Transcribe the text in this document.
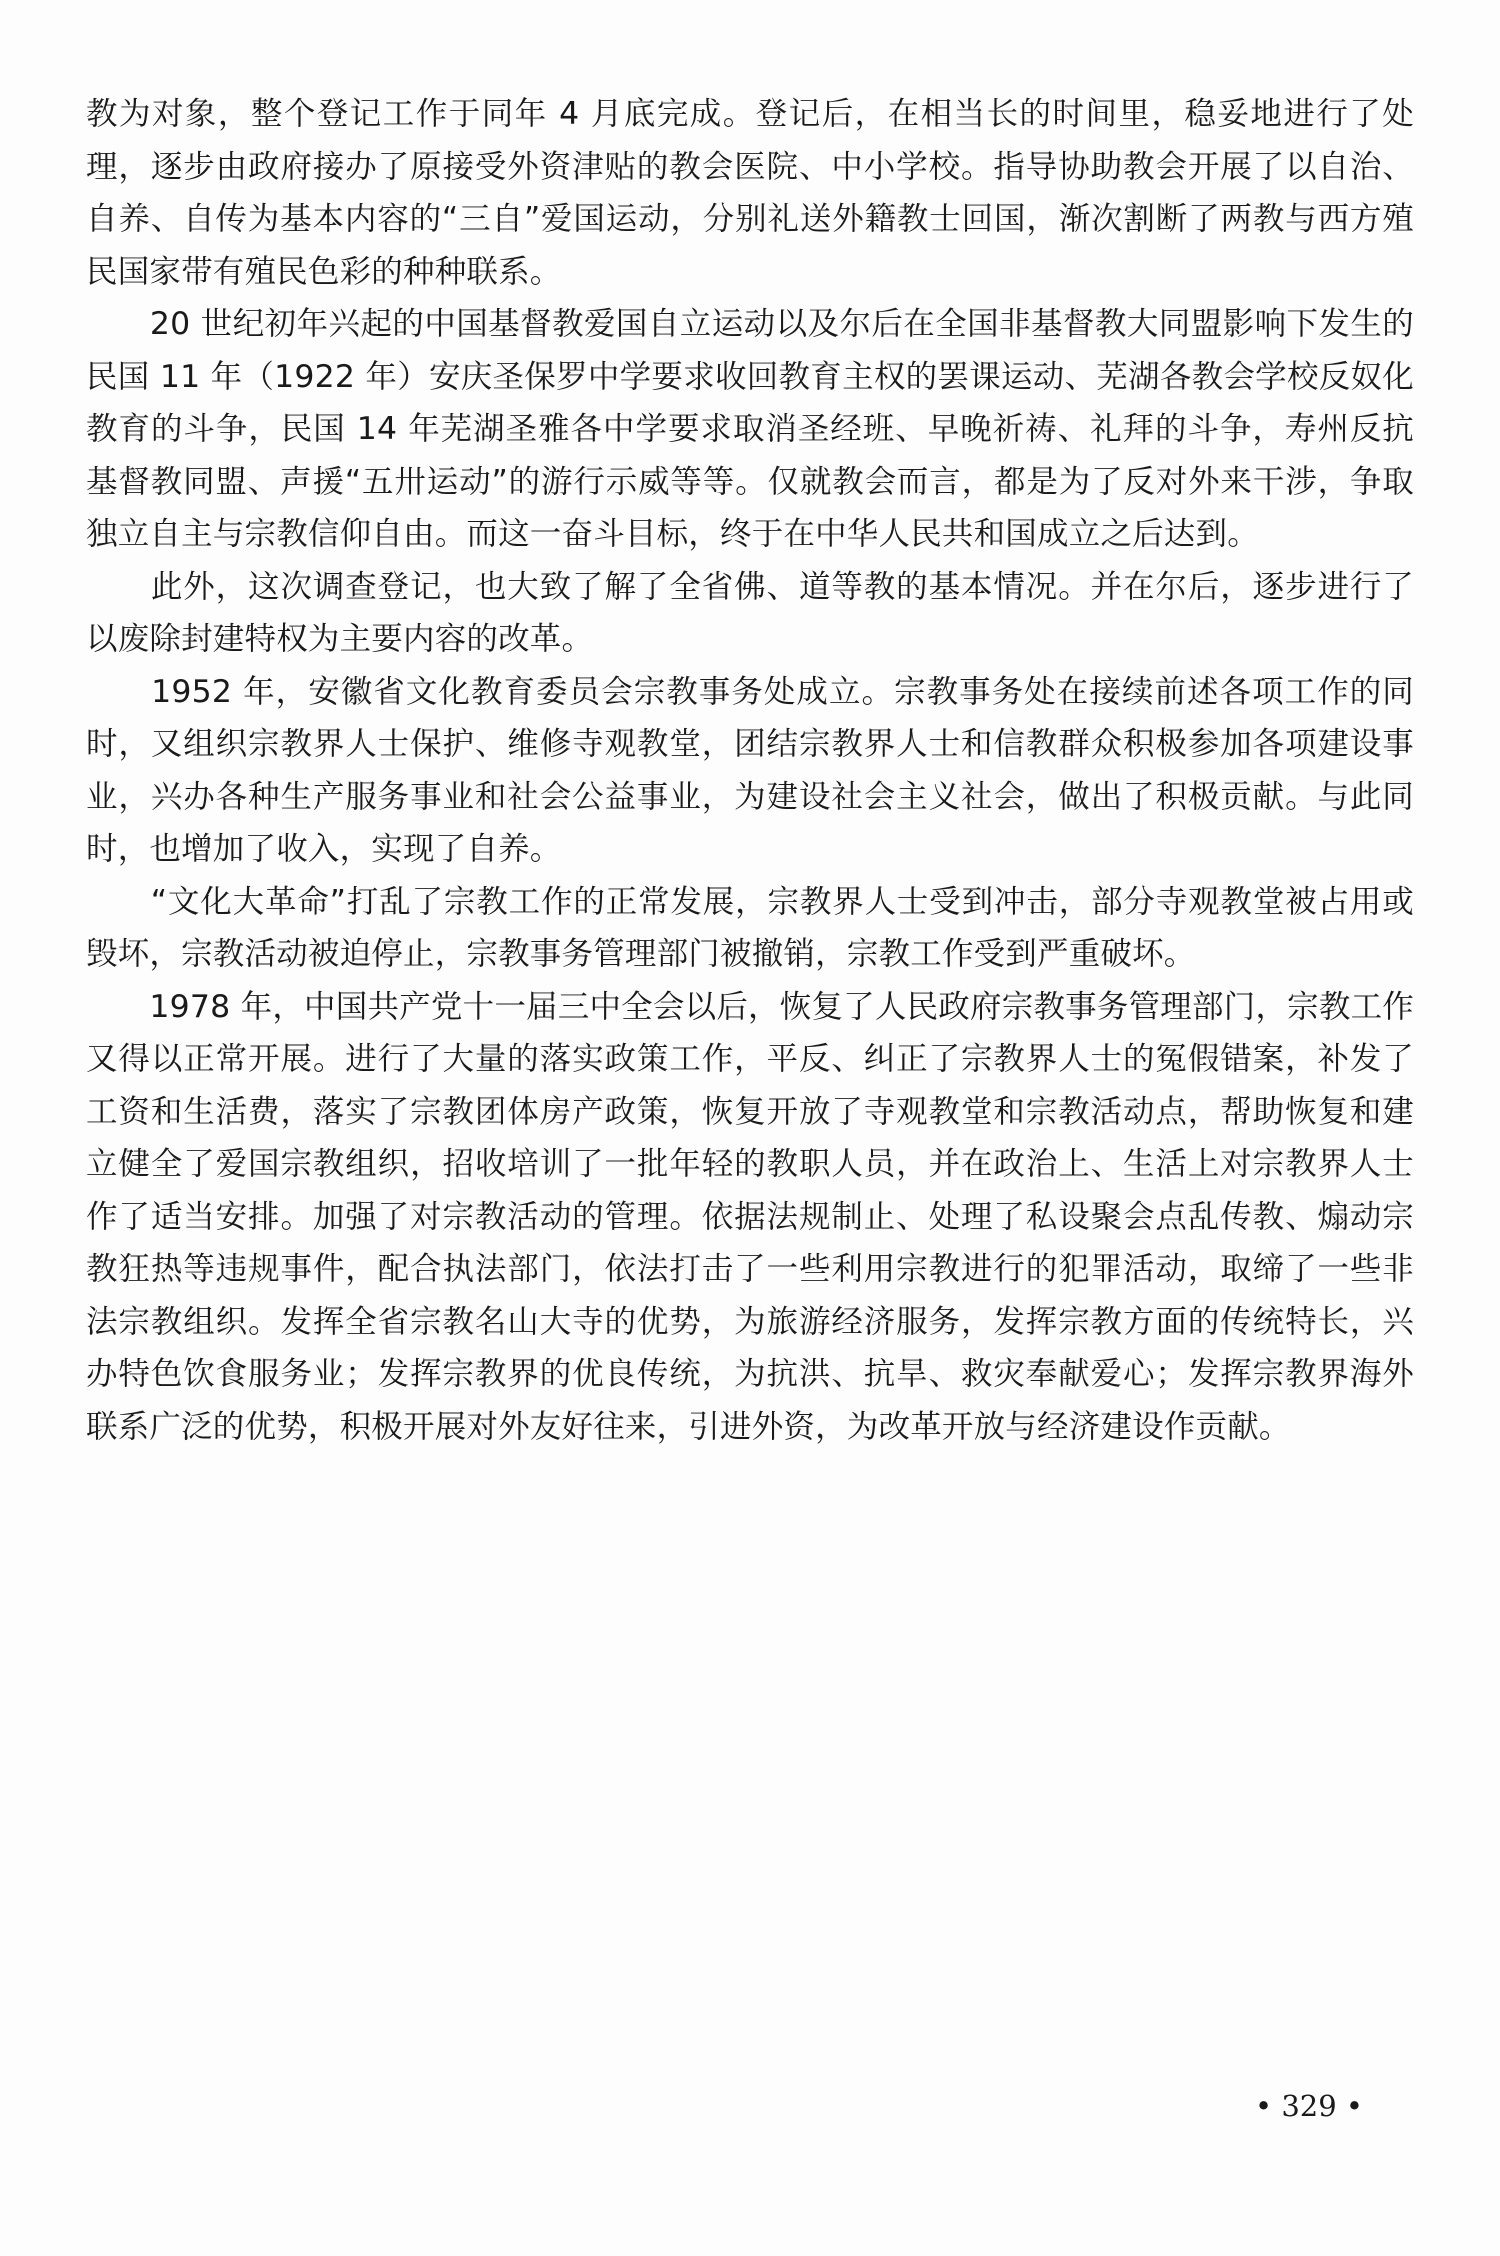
教为对象，整个登记工作于同年 4 月底完成。登记后，在相当长的时间里，稳妥地进行了处理，逐步由政府接办了原接受外资津贴的教会医院、中小学校。指导协助教会开展了以自治、自养、自传为基本内容的“三自”爱国运动，分别礼送外籍教士回国，渐次割断了两教与西方殖民国家带有殖民色彩的种种联系。

　　20 世纪初年兴起的中国基督教爱国自立运动以及尔后在全国非基督教大同盟影响下发生的民国 11 年（1922 年）安庆圣保罗中学要求收回教育主权的罢课运动、芜湖各教会学校反奴化教育的斗争，民国 14 年芜湖圣雅各中学要求取消圣经班、早晚祈祷、礼拜的斗争，寿州反抗基督教同盟、声援“五卅运动”的游行示威等等。仅就教会而言，都是为了反对外来干涉，争取独立自主与宗教信仰自由。而这一奋斗目标，终于在中华人民共和国成立之后达到。

　　此外，这次调查登记，也大致了解了全省佛、道等教的基本情况。并在尔后，逐步进行了以废除封建特权为主要内容的改革。

　　1952 年，安徽省文化教育委员会宗教事务处成立。宗教事务处在接续前述各项工作的同时，又组织宗教界人士保护、维修寺观教堂，团结宗教界人士和信教群众积极参加各项建设事业，兴办各种生产服务事业和社会公益事业，为建设社会主义社会，做出了积极贡献。与此同时，也增加了收入，实现了自养。

　　“文化大革命”打乱了宗教工作的正常发展，宗教界人士受到冲击，部分寺观教堂被占用或毁坏，宗教活动被迫停止，宗教事务管理部门被撤销，宗教工作受到严重破坏。

　　1978 年，中国共产党十一届三中全会以后，恢复了人民政府宗教事务管理部门，宗教工作又得以正常开展。进行了大量的落实政策工作，平反、纠正了宗教界人士的冤假错案，补发了工资和生活费，落实了宗教团体房产政策，恢复开放了寺观教堂和宗教活动点，帮助恢复和建立健全了爱国宗教组织，招收培训了一批年轻的教职人员，并在政治上、生活上对宗教界人士作了适当安排。加强了对宗教活动的管理。依据法规制止、处理了私设聚会点乱传教、煽动宗教狂热等违规事件，配合执法部门，依法打击了一些利用宗教进行的犯罪活动，取缔了一些非法宗教组织。发挥全省宗教名山大寺的优势，为旅游经济服务，发挥宗教方面的传统特长，兴办特色饮食服务业；发挥宗教界的优良传统，为抗洪、抗旱、救灾奉献爱心；发挥宗教界海外联系广泛的优势，积极开展对外友好往来，引进外资，为改革开放与经济建设作贡献。

• 329 •
